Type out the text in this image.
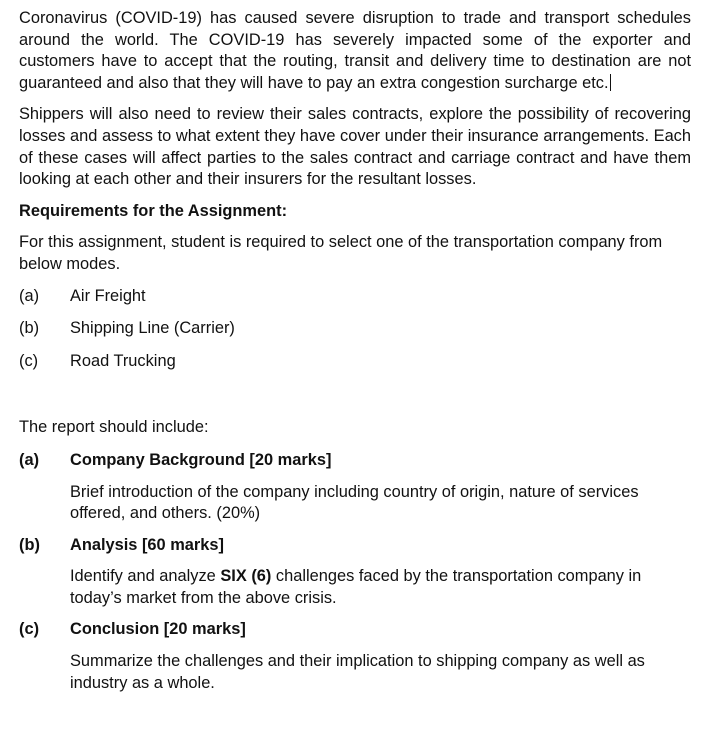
Coronavirus (COVID-19) has caused severe disruption to trade and transport schedules around the world. The COVID-19 has severely impacted some of the exporter and customers have to accept that the routing, transit and delivery time to destination are not guaranteed and also that they will have to pay an extra congestion surcharge etc.

Shippers will also need to review their sales contracts, explore the possibility of recovering losses and assess to what extent they have cover under their insurance arrangements. Each of these cases will affect parties to the sales contract and carriage contract and have them looking at each other and their insurers for the resultant losses.

Requirements for the Assignment:

For this assignment, student is required to select one of the transportation company from below modes.

(a)	Air Freight
(b)	Shipping Line (Carrier)
(c)	Road Trucking

The report should include:

(a)	Company Background [20 marks]

Brief introduction of the company including country of origin, nature of services offered, and others. (20%)

(b)	Analysis [60 marks]

Identify and analyze SIX (6) challenges faced by the transportation company in today’s market from the above crisis.

(c)	Conclusion [20 marks]

Summarize the challenges and their implication to shipping company as well as industry as a whole.
